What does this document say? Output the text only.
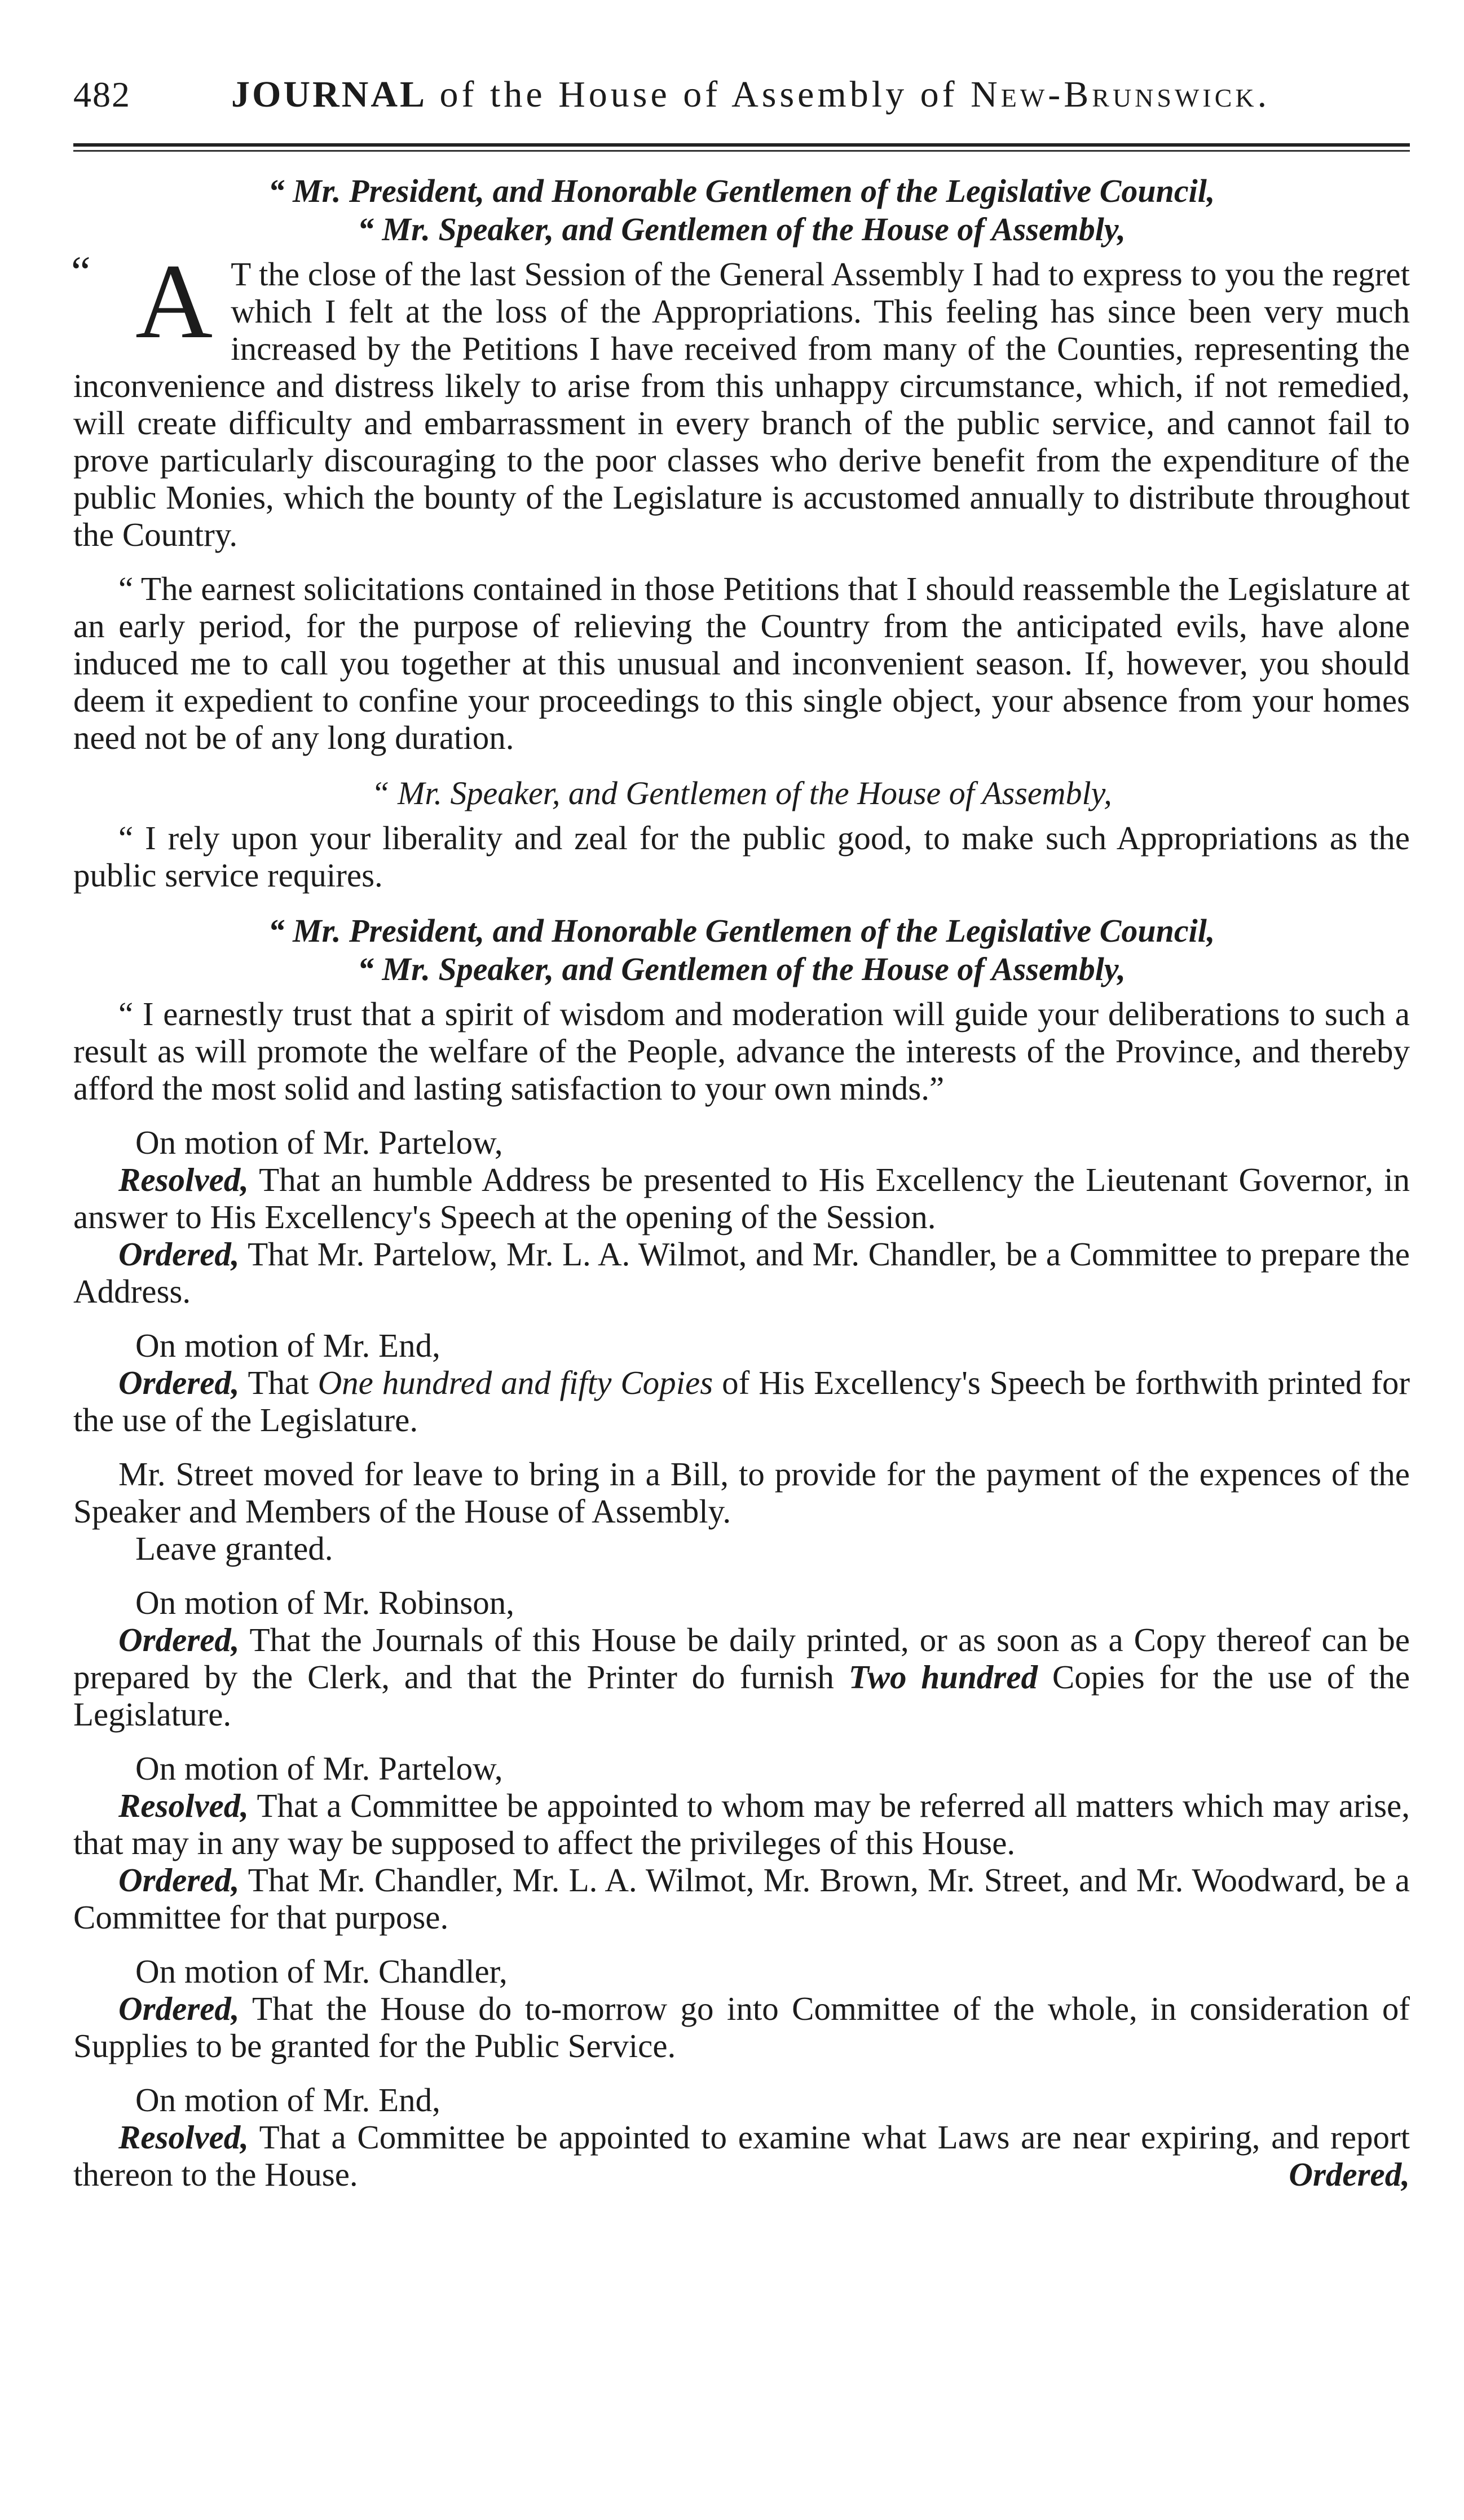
482	JOURNAL of the House of Assembly of New-Brunswick.

“ Mr. President, and Honorable Gentlemen of the Legislative Council,

“ Mr. Speaker, and Gentlemen of the House of Assembly,

“ A T the close of the last Session of the General Assembly I had to express to you the regret which I felt at the loss of the Appropriations. This feeling has since been very much increased by the Petitions I have received from many of the Counties, representing the inconvenience and distress likely to arise from this unhappy circumstance, which, if not remedied, will create difficulty and embarrassment in every branch of the public service, and cannot fail to prove particularly discouraging to the poor classes who derive benefit from the expenditure of the public Monies, which the bounty of the Legislature is accustomed annually to distribute throughout the Country.

“ The earnest solicitations contained in those Petitions that I should reassemble the Legislature at an early period, for the purpose of relieving the Country from the anticipated evils, have alone induced me to call you together at this unusual and inconvenient season. If, however, you should deem it expedient to confine your proceedings to this single object, your absence from your homes need not be of any long duration.

“ Mr. Speaker, and Gentlemen of the House of Assembly,

“ I rely upon your liberality and zeal for the public good, to make such Appropriations as the public service requires.

“ Mr. President, and Honorable Gentlemen of the Legislative Council,

“ Mr. Speaker, and Gentlemen of the House of Assembly,

“ I earnestly trust that a spirit of wisdom and moderation will guide your deliberations to such a result as will promote the welfare of the People, advance the interests of the Province, and thereby afford the most solid and lasting satisfaction to your own minds.”

On motion of Mr. Partelow,

Resolved, That an humble Address be presented to His Excellency the Lieutenant Governor, in answer to His Excellency's Speech at the opening of the Session.

Ordered, That Mr. Partelow, Mr. L. A. Wilmot, and Mr. Chandler, be a Committee to prepare the Address.

On motion of Mr. End,

Ordered, That One hundred and fifty Copies of His Excellency's Speech be forthwith printed for the use of the Legislature.

Mr. Street moved for leave to bring in a Bill, to provide for the payment of the expences of the Speaker and Members of the House of Assembly.

Leave granted.

On motion of Mr. Robinson,

Ordered, That the Journals of this House be daily printed, or as soon as a Copy thereof can be prepared by the Clerk, and that the Printer do furnish Two hundred Copies for the use of the Legislature.

On motion of Mr. Partelow,

Resolved, That a Committee be appointed to whom may be referred all matters which may arise, that may in any way be supposed to affect the privileges of this House.

Ordered, That Mr. Chandler, Mr. L. A. Wilmot, Mr. Brown, Mr. Street, and Mr. Woodward, be a Committee for that purpose.

On motion of Mr. Chandler,

Ordered, That the House do to-morrow go into Committee of the whole, in consideration of Supplies to be granted for the Public Service.

On motion of Mr. End,

Resolved, That a Committee be appointed to examine what Laws are near expiring, and report thereon to the House.	Ordered,
